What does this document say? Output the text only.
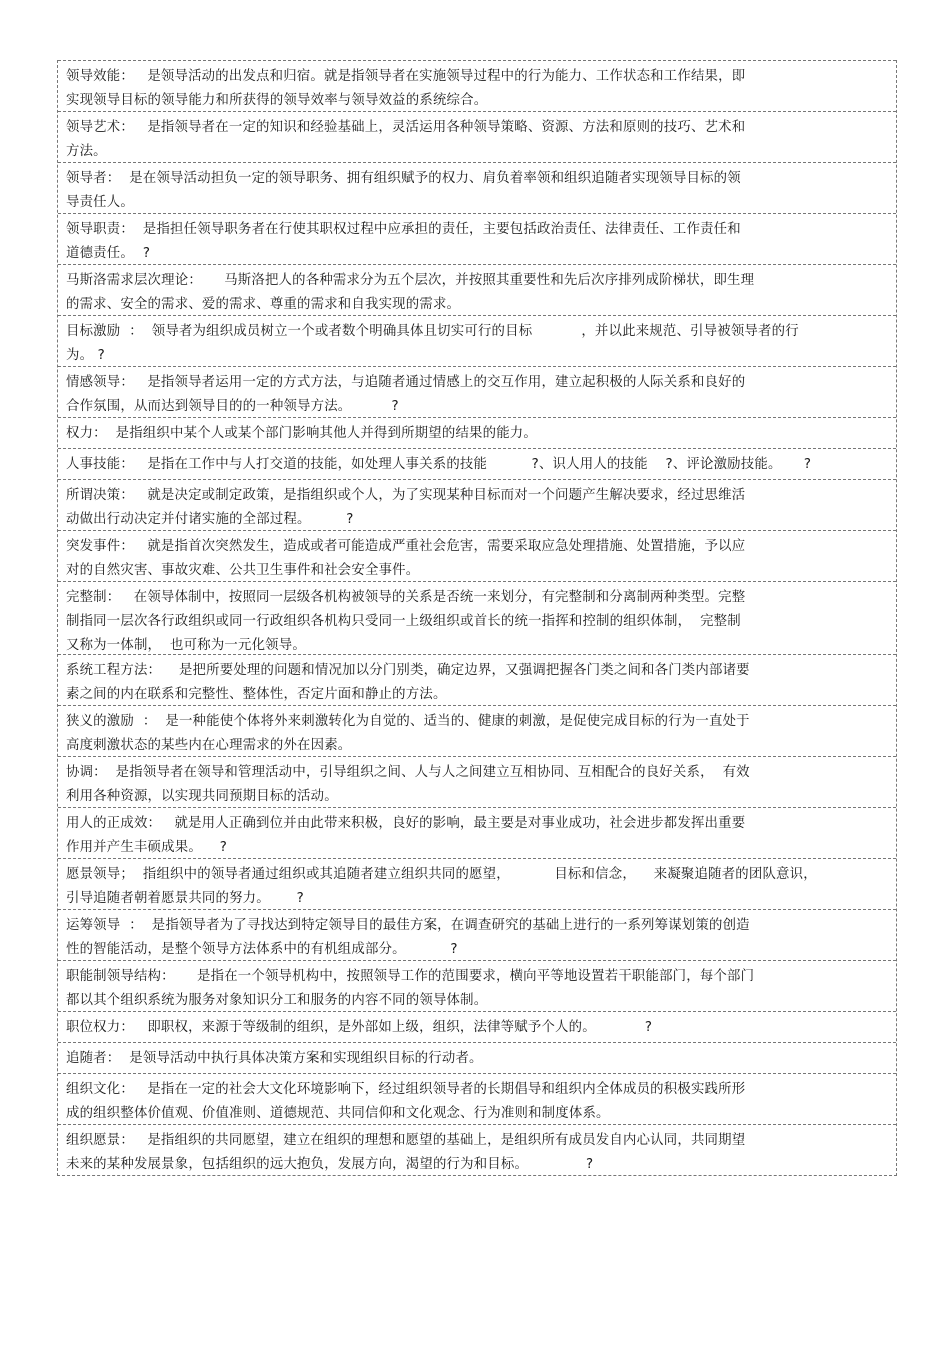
领导效能：   是领导活动的出发点和归宿。就是指领导者在实施领导过程中的行为能力、工作状态和工作结果，即
实现领导目标的领导能力和所获得的领导效率与领导效益的系统综合。
领导艺术：   是指领导者在一定的知识和经验基础上，灵活运用各种领导策略、资源、方法和原则的技巧、艺术和
方法。
领导者：  是在领导活动担负一定的领导职务、拥有组织赋予的权力、肩负着率领和组织追随者实现领导目标的领
导责任人。
领导职责：  是指担任领导职务者在行使其职权过程中应承担的责任，主要包括政治责任、法律责任、工作责任和
道德责任。  ?
马斯洛需求层次理论：     马斯洛把人的各种需求分为五个层次，并按照其重要性和先后次序排列成阶梯状，即生理
的需求、安全的需求、爱的需求、尊重的需求和自我实现的需求。
目标激励  ：  领导者为组织成员树立一个或者数个明确具体且切实可行的目标           ，并以此来规范、引导被领导者的行
为。 ?
情感领导：   是指领导者运用一定的方式方法，与追随者通过情感上的交互作用，建立起积极的人际关系和良好的
合作氛围，从而达到领导目的的一种领导方法。         ?
权力：  是指组织中某个人或某个部门影响其他人并得到所期望的结果的能力。
人事技能：   是指在工作中与人打交道的技能，如处理人事关系的技能          ?、识人用人的技能    ?、评论激励技能。     ?
所谓决策：   就是决定或制定政策，是指组织或个人，为了实现某种目标而对一个问题产生解决要求，经过思维活
动做出行动决定并付诸实施的全部过程。        ?
突发事件：   就是指首次突然发生，造成或者可能造成严重社会危害，需要采取应急处理措施、处置措施，予以应
对的自然灾害、事故灾难、公共卫生事件和社会安全事件。
完整制：   在领导体制中，按照同一层级各机构被领导的关系是否统一来划分，有完整制和分离制两种类型。完整
制指同一层次各行政组织或同一行政组织各机构只受同一上级组织或首长的统一指挥和控制的组织体制，  完整制
又称为一体制，  也可称为一元化领导。
系统工程方法：    是把所要处理的问题和情况加以分门别类，确定边界，又强调把握各门类之间和各门类内部诸要
素之间的内在联系和完整性、整体性，否定片面和静止的方法。
狭义的激励  ：  是一种能使个体将外来刺激转化为自觉的、适当的、健康的刺激，是促使完成目标的行为一直处于
高度刺激状态的某些内在心理需求的外在因素。
协调：  是指领导者在领导和管理活动中，引导组织之间、人与人之间建立互相协同、互相配合的良好关系，  有效
利用各种资源，以实现共同预期目标的活动。
用人的正成效：   就是用人正确到位并由此带来积极，良好的影响，最主要是对事业成功，社会进步都发挥出重要
作用并产生丰硕成果。    ?
愿景领导；  指组织中的领导者通过组织或其追随者建立组织共同的愿望，          目标和信念，    来凝聚追随者的团队意识，
引导追随者朝着愿景共同的努力。      ?
运筹领导  ：  是指领导者为了寻找达到特定领导目的最佳方案，在调查研究的基础上进行的一系列筹谋划策的创造
性的智能活动，是整个领导方法体系中的有机组成部分。          ?
职能制领导结构：     是指在一个领导机构中，按照领导工作的范围要求，横向平等地设置若干职能部门，每个部门
都以其个组织系统为服务对象知识分工和服务的内容不同的领导体制。
职位权力：   即职权，来源于等级制的组织，是外部如上级，组织，法律等赋予个人的。           ?
追随者：  是领导活动中执行具体决策方案和实现组织目标的行动者。
组织文化：   是指在一定的社会大文化环境影响下，经过组织领导者的长期倡导和组织内全体成员的积极实践所形
成的组织整体价值观、价值准则、道德规范、共同信仰和文化观念、行为准则和制度体系。
组织愿景：   是指组织的共同愿望，建立在组织的理想和愿望的基础上，是组织所有成员发自内心认同，共同期望
未来的某种发展景象，包括组织的远大抱负，发展方向，渴望的行为和目标。             ?
